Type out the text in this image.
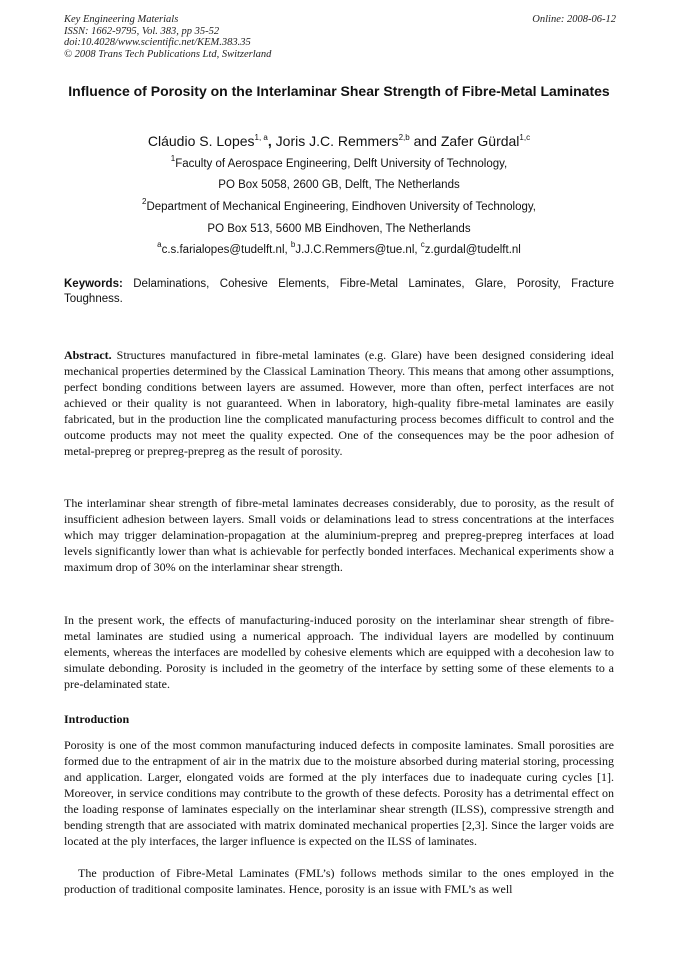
Key Engineering Materials
ISSN: 1662-9795, Vol. 383, pp 35-52
doi:10.4028/www.scientific.net/KEM.383.35
© 2008 Trans Tech Publications Ltd, Switzerland
Online: 2008-06-12
Influence of Porosity on the Interlaminar Shear Strength of Fibre-Metal Laminates
Cláudio S. Lopes$^{1, a}$, Joris J.C. Remmers$^{2,b}$ and Zafer Gürdal$^{1,c}$
$^1$Faculty of Aerospace Engineering, Delft University of Technology,
PO Box 5058, 2600 GB, Delft, The Netherlands
$^2$Department of Mechanical Engineering, Eindhoven University of Technology,
PO Box 513, 5600 MB Eindhoven, The Netherlands
$^a$c.s.farialopes@tudelft.nl, $^b$J.J.C.Remmers@tue.nl, $^c$z.gurdal@tudelft.nl
Keywords: Delaminations, Cohesive Elements, Fibre-Metal Laminates, Glare, Porosity, Fracture Toughness.
Abstract. Structures manufactured in fibre-metal laminates (e.g. Glare) have been designed considering ideal mechanical properties determined by the Classical Lamination Theory. This means that among other assumptions, perfect bonding conditions between layers are assumed. However, more than often, perfect interfaces are not achieved or their quality is not guaranteed. When in laboratory, high-quality fibre-metal laminates are easily fabricated, but in the production line the complicated manufacturing process becomes difficult to control and the outcome products may not meet the quality expected. One of the consequences may be the poor adhesion of metal-prepreg or prepreg-prepreg as the result of porosity.
The interlaminar shear strength of fibre-metal laminates decreases considerably, due to porosity, as the result of insufficient adhesion between layers. Small voids or delaminations lead to stress concentrations at the interfaces which may trigger delamination-propagation at the aluminium-prepreg and prepreg-prepreg interfaces at load levels significantly lower than what is achievable for perfectly bonded interfaces. Mechanical experiments show a maximum drop of 30% on the interlaminar shear strength.
In the present work, the effects of manufacturing-induced porosity on the interlaminar shear strength of fibre-metal laminates are studied using a numerical approach. The individual layers are modelled by continuum elements, whereas the interfaces are modelled by cohesive elements which are equipped with a decohesion law to simulate debonding. Porosity is included in the geometry of the interface by setting some of these elements to a pre-delaminated state.
Introduction
Porosity is one of the most common manufacturing induced defects in composite laminates. Small porosities are formed due to the entrapment of air in the matrix due to the moisture absorbed during material storing, processing and application. Larger, elongated voids are formed at the ply interfaces due to inadequate curing cycles [1]. Moreover, in service conditions may contribute to the growth of these defects. Porosity has a detrimental effect on the loading response of laminates especially on the interlaminar shear strength (ILSS), compressive strength and bending strength that are associated with matrix dominated mechanical properties [2,3]. Since the larger voids are located at the ply interfaces, the larger influence is expected on the ILSS of laminates.
The production of Fibre-Metal Laminates (FML’s) follows methods similar to the ones employed in the production of traditional composite laminates. Hence, porosity is an issue with FML’s as well
